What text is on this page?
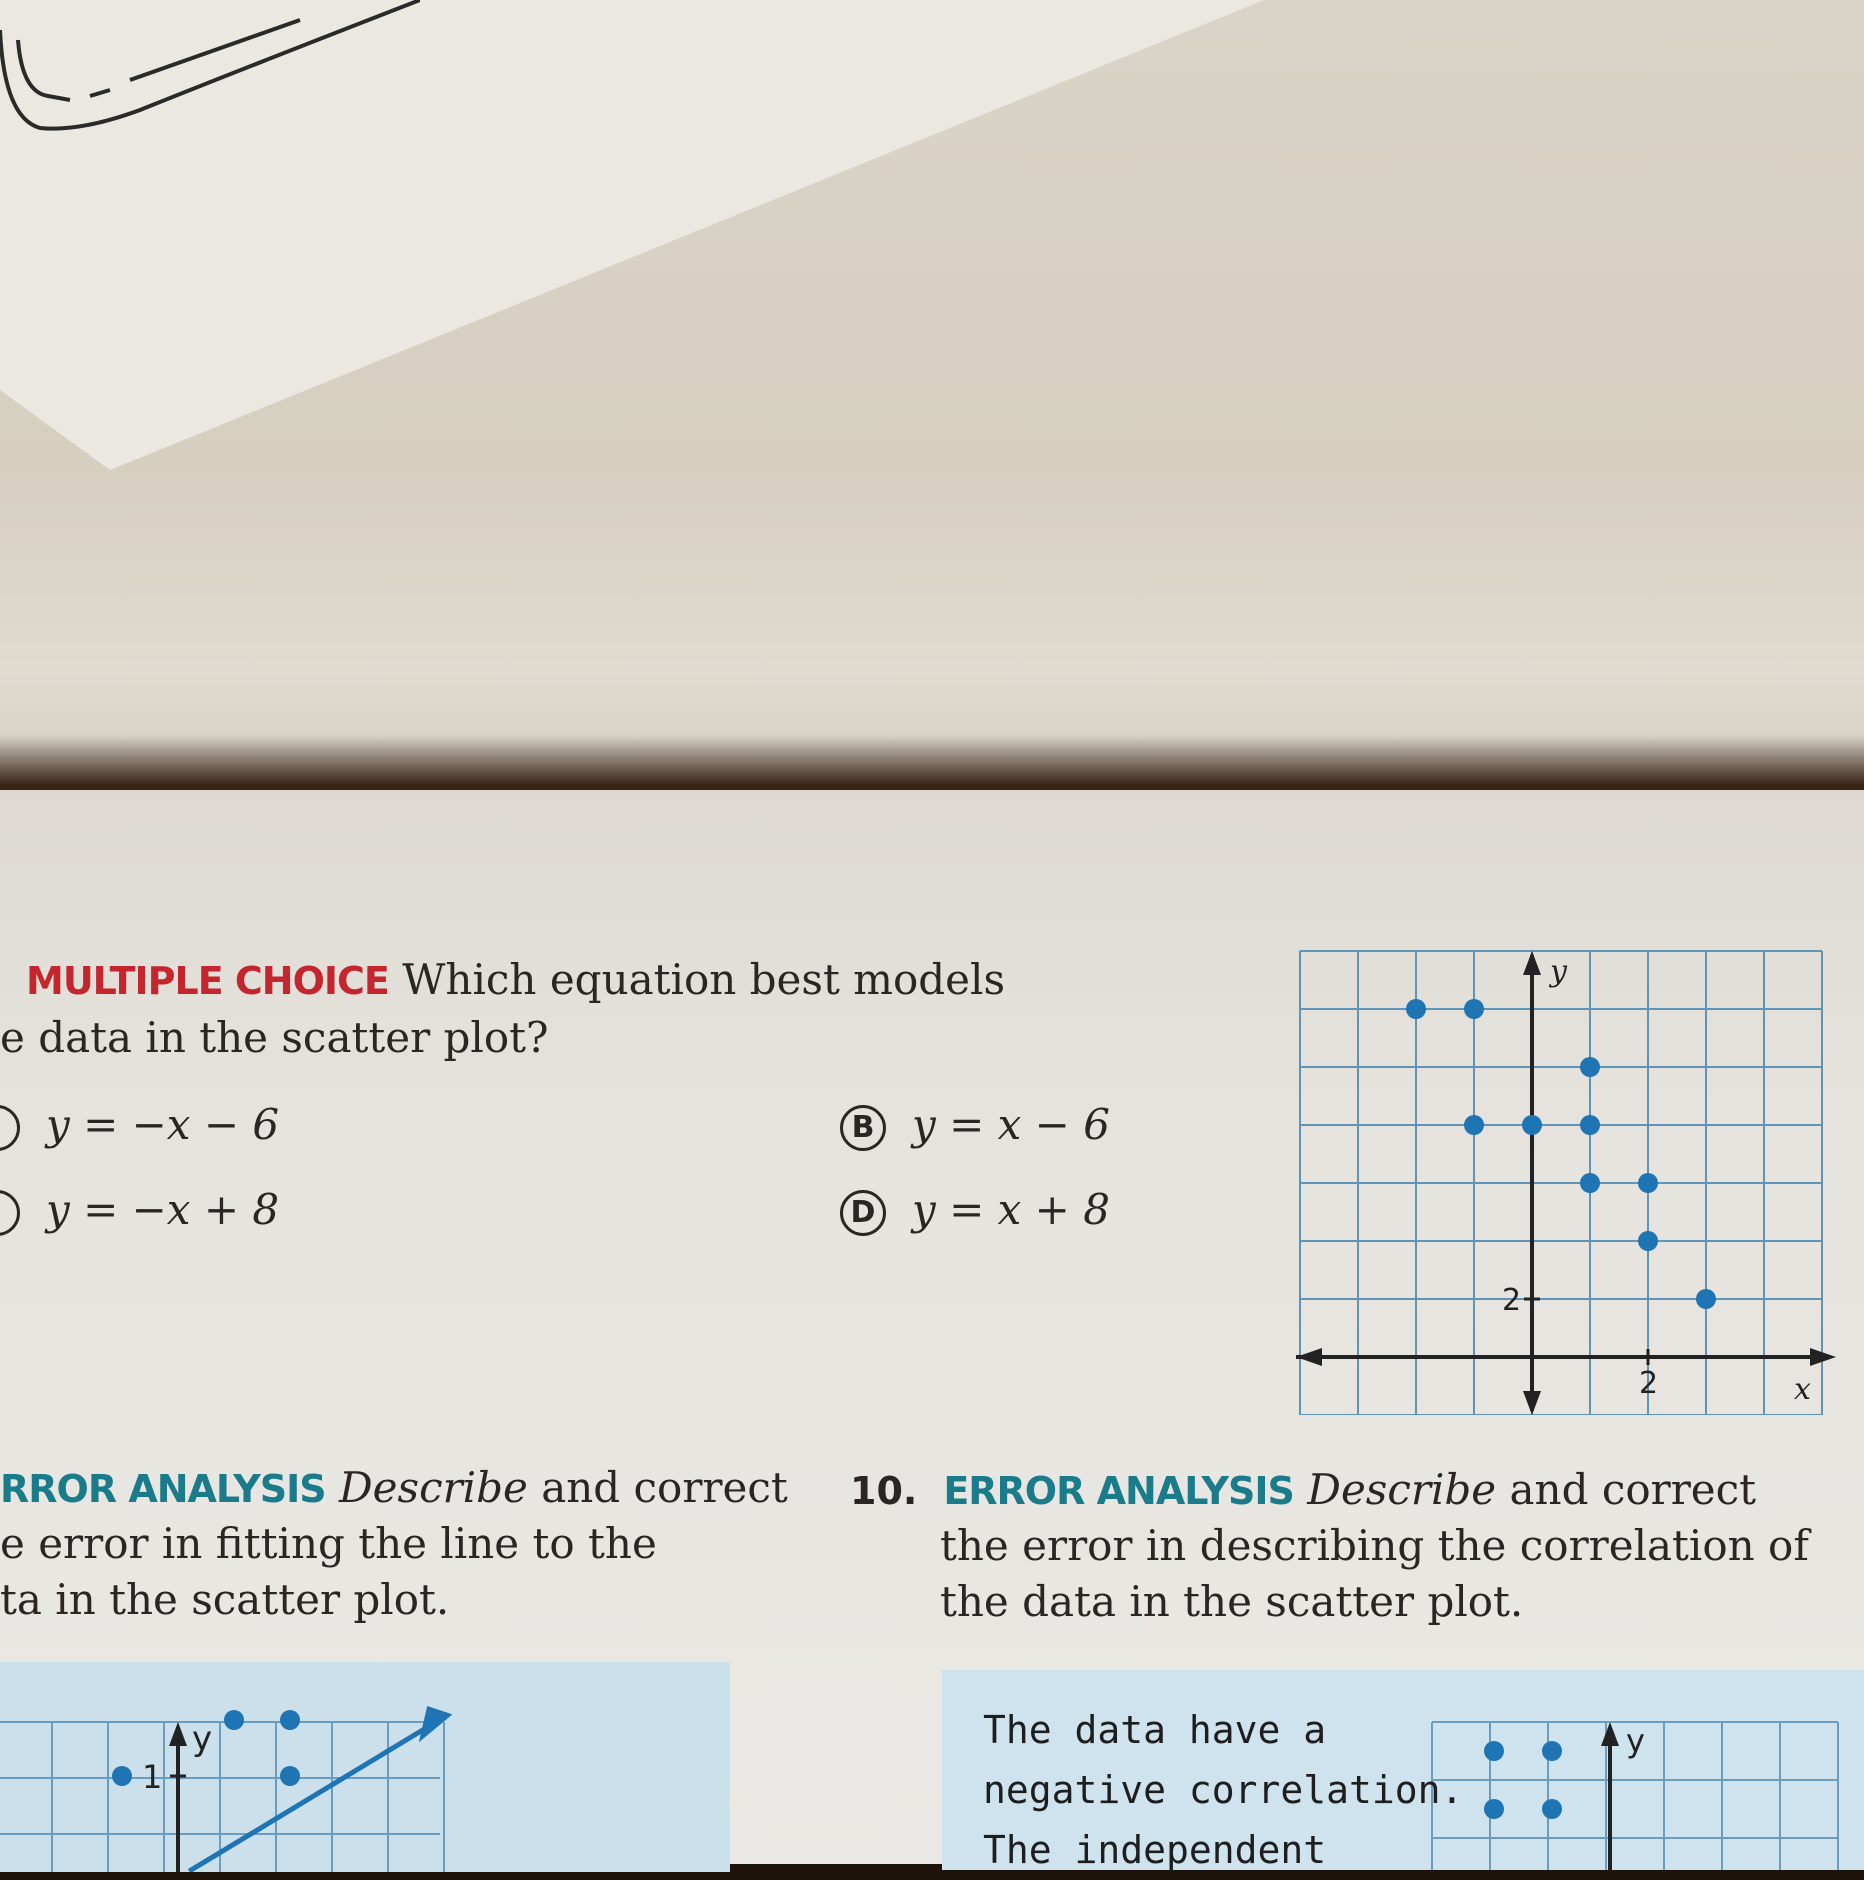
MULTIPLE CHOICE Which equation best models
e data in the scatter plot?
y = −x − 6	B y = x − 6
y = −x + 8	D y = x + 8
x
y
2
2
RROR ANALYSIS Describe and correct
e error in fitting the line to the
ta in the scatter plot.
10. ERROR ANALYSIS Describe and correct
the error in describing the correlation of
the data in the scatter plot.
y
1
y
The data have a
negative correlation.
The independent
